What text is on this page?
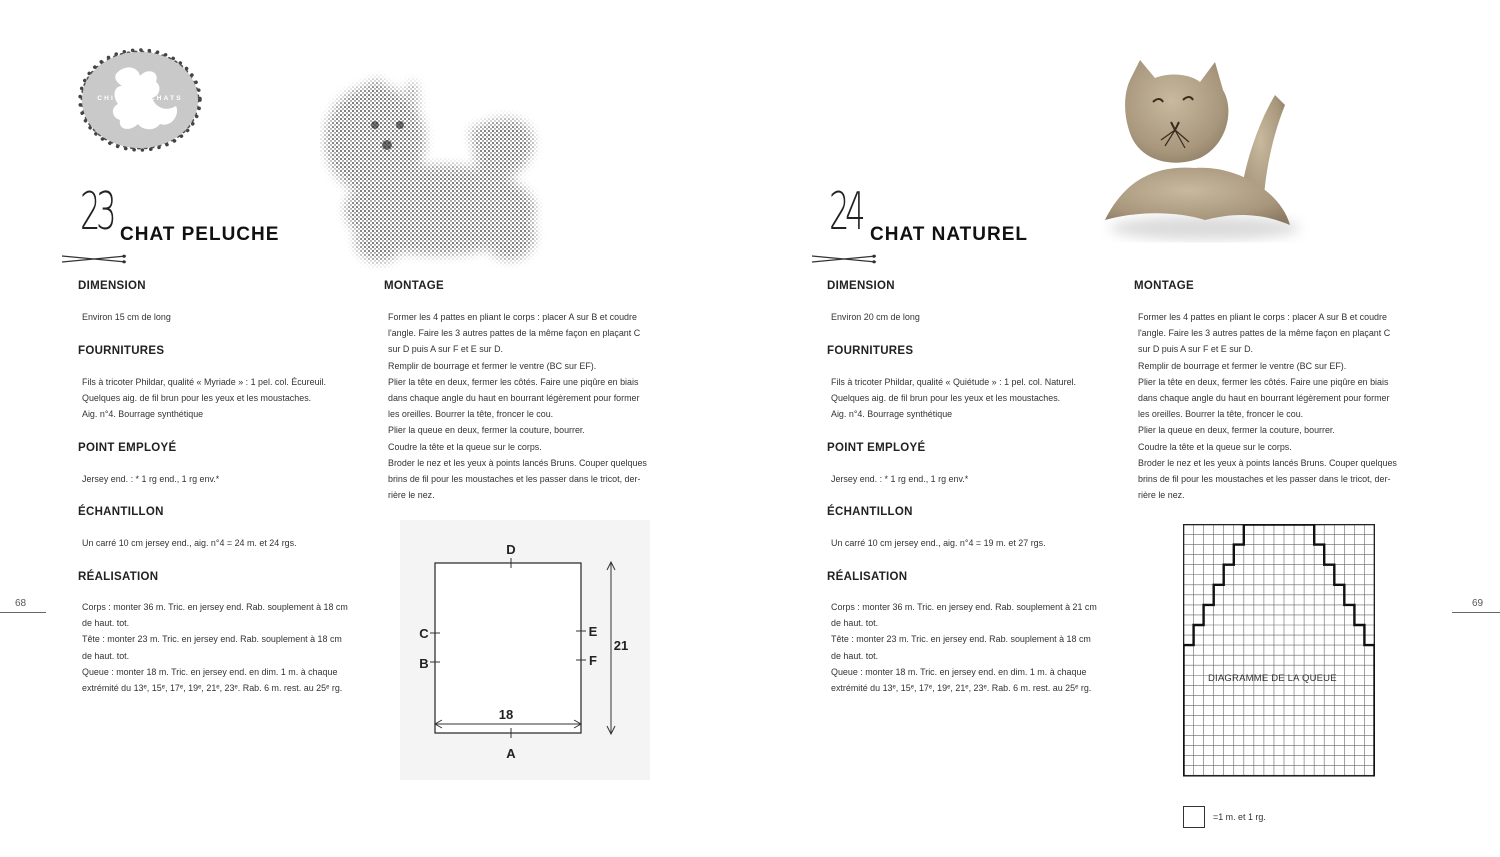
68
CHIENS & CHATS
23 CHAT PELUCHE
DIMENSION
Environ 15 cm de long
FOURNITURES

Fils à tricoter Phildar, qualité « Myriade » : 1 pel. col. Écureuil.

Quelques aig. de fil brun pour les yeux et les moustaches.

Aig. n°4. Bourrage synthétique

POINT EMPLOYÉ
Jersey end. : * 1 rg end., 1 rg env.*
ÉCHANTILLON
Un carré 10 cm jersey end., aig. n°4 = 24 m. et 24 rgs.
RÉALISATION

Corps : monter 36 m. Tric. en jersey end. Rab. souplement à 18 cm

de haut. tot.

Tête : monter 23 m. Tric. en jersey end. Rab. souplement à 18 cm

de haut. tot.

Queue : monter 18 m. Tric. en jersey end. en dim. 1 m. à chaque

extrémité du 13ᵉ, 15ᵉ, 17ᵉ, 19ᵉ, 21ᵉ, 23ᵉ. Rab. 6 m. rest. au 25ᵉ rg.

MONTAGE

Former les 4 pattes en pliant le corps : placer A sur B et coudre

l'angle. Faire les 3 autres pattes de la même façon en plaçant C

sur D puis A sur F et E sur D.

Remplir de bourrage et fermer le ventre (BC sur EF).

Plier la tête en deux, fermer les côtés. Faire une piqûre en biais

dans chaque angle du haut en bourrant légèrement pour former

les oreilles. Bourrer la tête, froncer le cou.

Plier la queue en deux, fermer la couture, bourrer.

Coudre la tête et la queue sur le corps.

Broder le nez et les yeux à points lancés Bruns. Couper quelques

brins de fil pour les moustaches et les passer dans le tricot, der-

rière le nez.

D
C
B
E
F
A
21
18
69
24 CHAT NATUREL
DIMENSION
Environ 20 cm de long
FOURNITURES

Fils à tricoter Phildar, qualité « Quiétude » : 1 pel. col. Naturel.

Quelques aig. de fil brun pour les yeux et les moustaches.

Aig. n°4. Bourrage synthétique

POINT EMPLOYÉ
Jersey end. : * 1 rg end., 1 rg env.*
ÉCHANTILLON
Un carré 10 cm jersey end., aig. n°4 = 19 m. et 27 rgs.
RÉALISATION

Corps : monter 36 m. Tric. en jersey end. Rab. souplement à 21 cm

de haut. tot.

Tête : monter 23 m. Tric. en jersey end. Rab. souplement à 18 cm

de haut. tot.

Queue : monter 18 m. Tric. en jersey end. en dim. 1 m. à chaque

extrémité du 13ᵉ, 15ᵉ, 17ᵉ, 19ᵉ, 21ᵉ, 23ᵉ. Rab. 6 m. rest. au 25ᵉ rg.

MONTAGE

Former les 4 pattes en pliant le corps : placer A sur B et coudre

l'angle. Faire les 3 autres pattes de la même façon en plaçant C

sur D puis A sur F et E sur D.

Remplir de bourrage et fermer le ventre (BC sur EF).

Plier la tête en deux, fermer les côtés. Faire une piqûre en biais

dans chaque angle du haut en bourrant légèrement pour former

les oreilles. Bourrer la tête, froncer le cou.

Plier la queue en deux, fermer la couture, bourrer.

Coudre la tête et la queue sur le corps.

Broder le nez et les yeux à points lancés Bruns. Couper quelques

brins de fil pour les moustaches et les passer dans le tricot, der-

rière le nez.

DIAGRAMME DE LA QUEUE
=1 m. et 1 rg.
